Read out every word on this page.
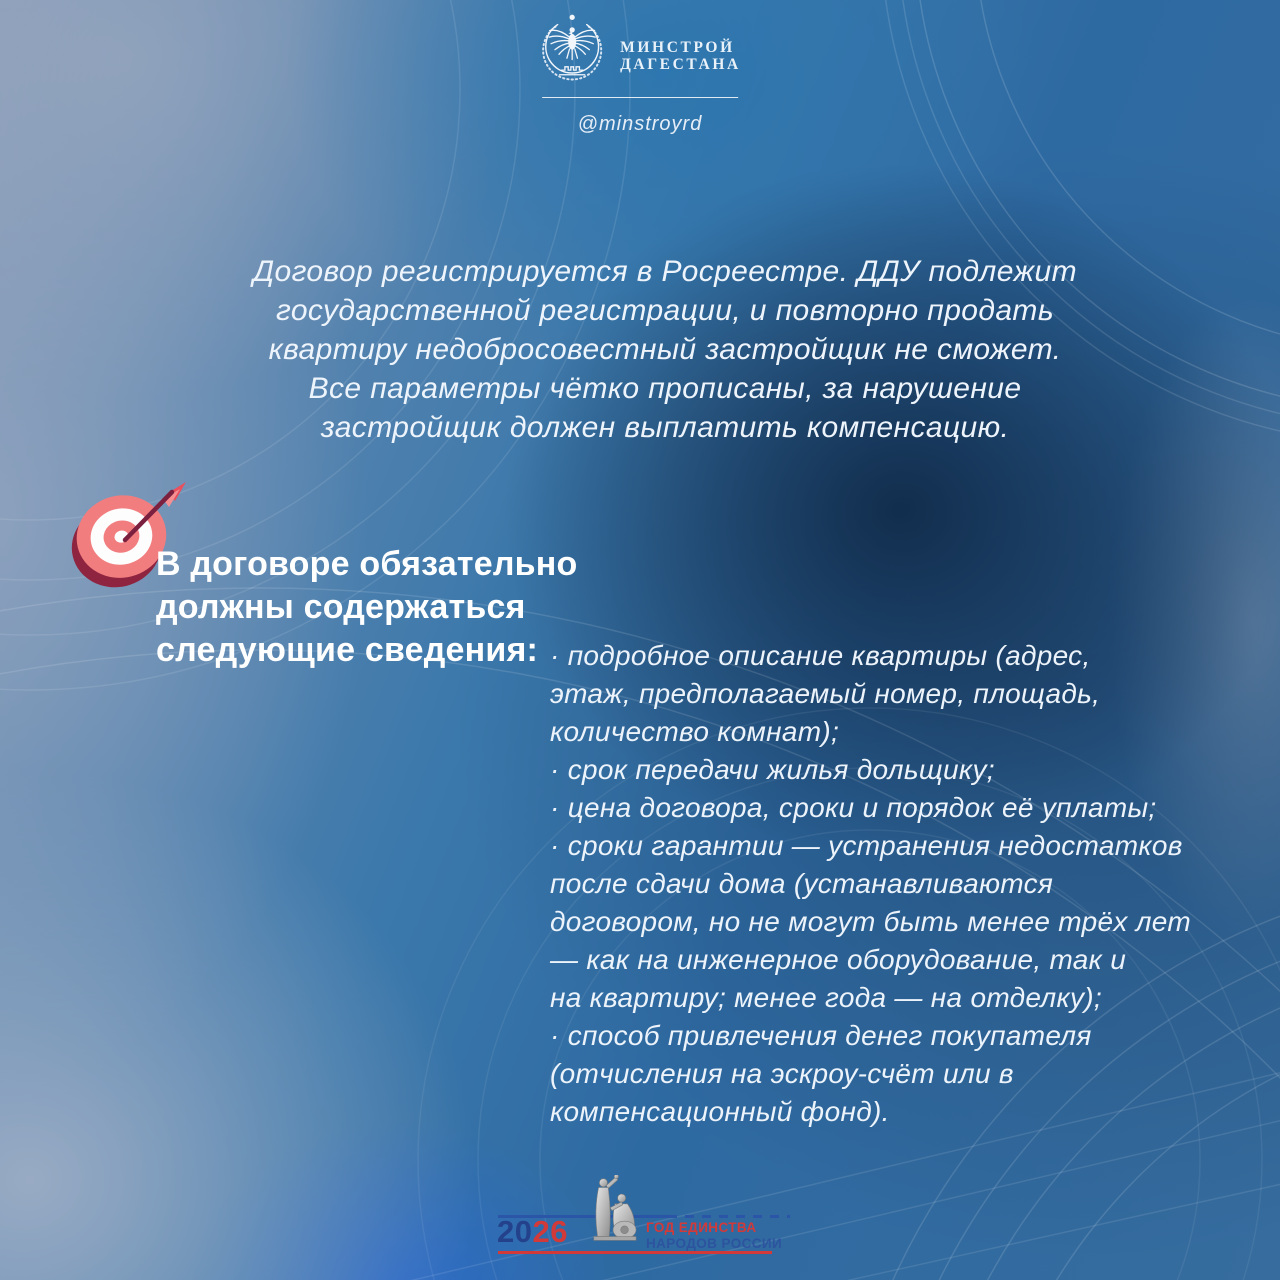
МИНСТРОЙ
ДАГЕСТАНА
@minstroyrd
Договор регистрируется в Росреестре. ДДУ подлежит
государственной регистрации, и повторно продать
квартиру недобросовестный застройщик не сможет.
Все параметры чётко прописаны, за нарушение
застройщик должен выплатить компенсацию.
В договоре обязательно
должны содержаться
следующие сведения: · подробное описание квартиры (адрес,
этаж, предполагаемый номер, площадь,
количество комнат);
· срок передачи жилья дольщику;
· цена договора, сроки и порядок её уплаты;
· сроки гарантии — устранения недостатков
после сдачи дома (устанавливаются
договором, но не могут быть менее трёх лет
— как на инженерное оборудование, так и
на квартиру; менее года — на отделку);
· способ привлечения денег покупателя
(отчисления на эскроу-счёт или в
компенсационный фонд).
2026	ГОД ЕДИНСТВА
НАРОДОВ РОССИИ
